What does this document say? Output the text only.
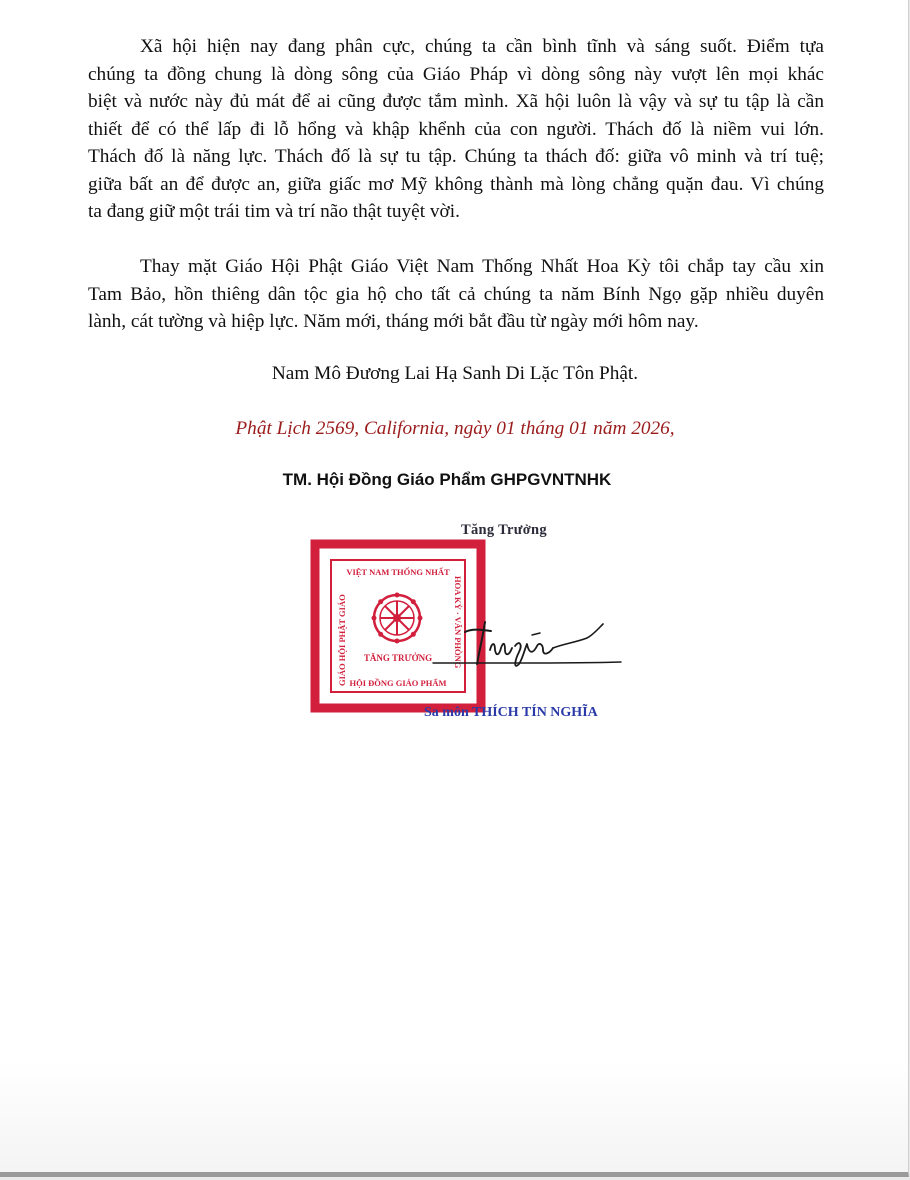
Xã hội hiện nay đang phân cực, chúng ta cần bình tĩnh và sáng suốt. Điểm tựa
chúng ta đồng chung là dòng sông của Giáo Pháp vì dòng sông này vượt lên mọi khác
biệt và nước này đủ mát để ai cũng được tắm mình. Xã hội luôn là vậy và sự tu tập là cần
thiết để có thể lấp đi lỗ hổng và khập khểnh của con người. Thách đố là niềm vui lớn.
Thách đố là năng lực. Thách đố là sự tu tập. Chúng ta thách đố: giữa vô minh và trí tuệ;
giữa bất an để được an, giữa giấc mơ Mỹ không thành mà lòng chẳng quặn đau. Vì chúng
ta đang giữ một trái tim và trí não thật tuyệt vời.
Thay mặt Giáo Hội Phật Giáo Việt Nam Thống Nhất Hoa Kỳ tôi chắp tay cầu xin
Tam Bảo, hồn thiêng dân tộc gia hộ cho tất cả chúng ta năm Bính Ngọ gặp nhiều duyên
lành, cát tường và hiệp lực. Năm mới, tháng mới bắt đầu từ ngày mới hôm nay.

Nam Mô Đương Lai Hạ Sanh Di Lặc Tôn Phật.

Phật Lịch 2569, California, ngày 01 tháng 01 năm 2026,

TM. Hội Đồng Giáo Phẩm GHPGVNTNHK

Tăng Trưởng
VIỆT NAM THỐNG NHẤT
GIÁO HỘI PHẬT GIÁO	HOA KỲ · VĂN PHÒNG
HỘI ĐỒNG GIÁO PHẨM
TĂNG TRƯỞNG
Sa môn THÍCH TÍN NGHĨA
